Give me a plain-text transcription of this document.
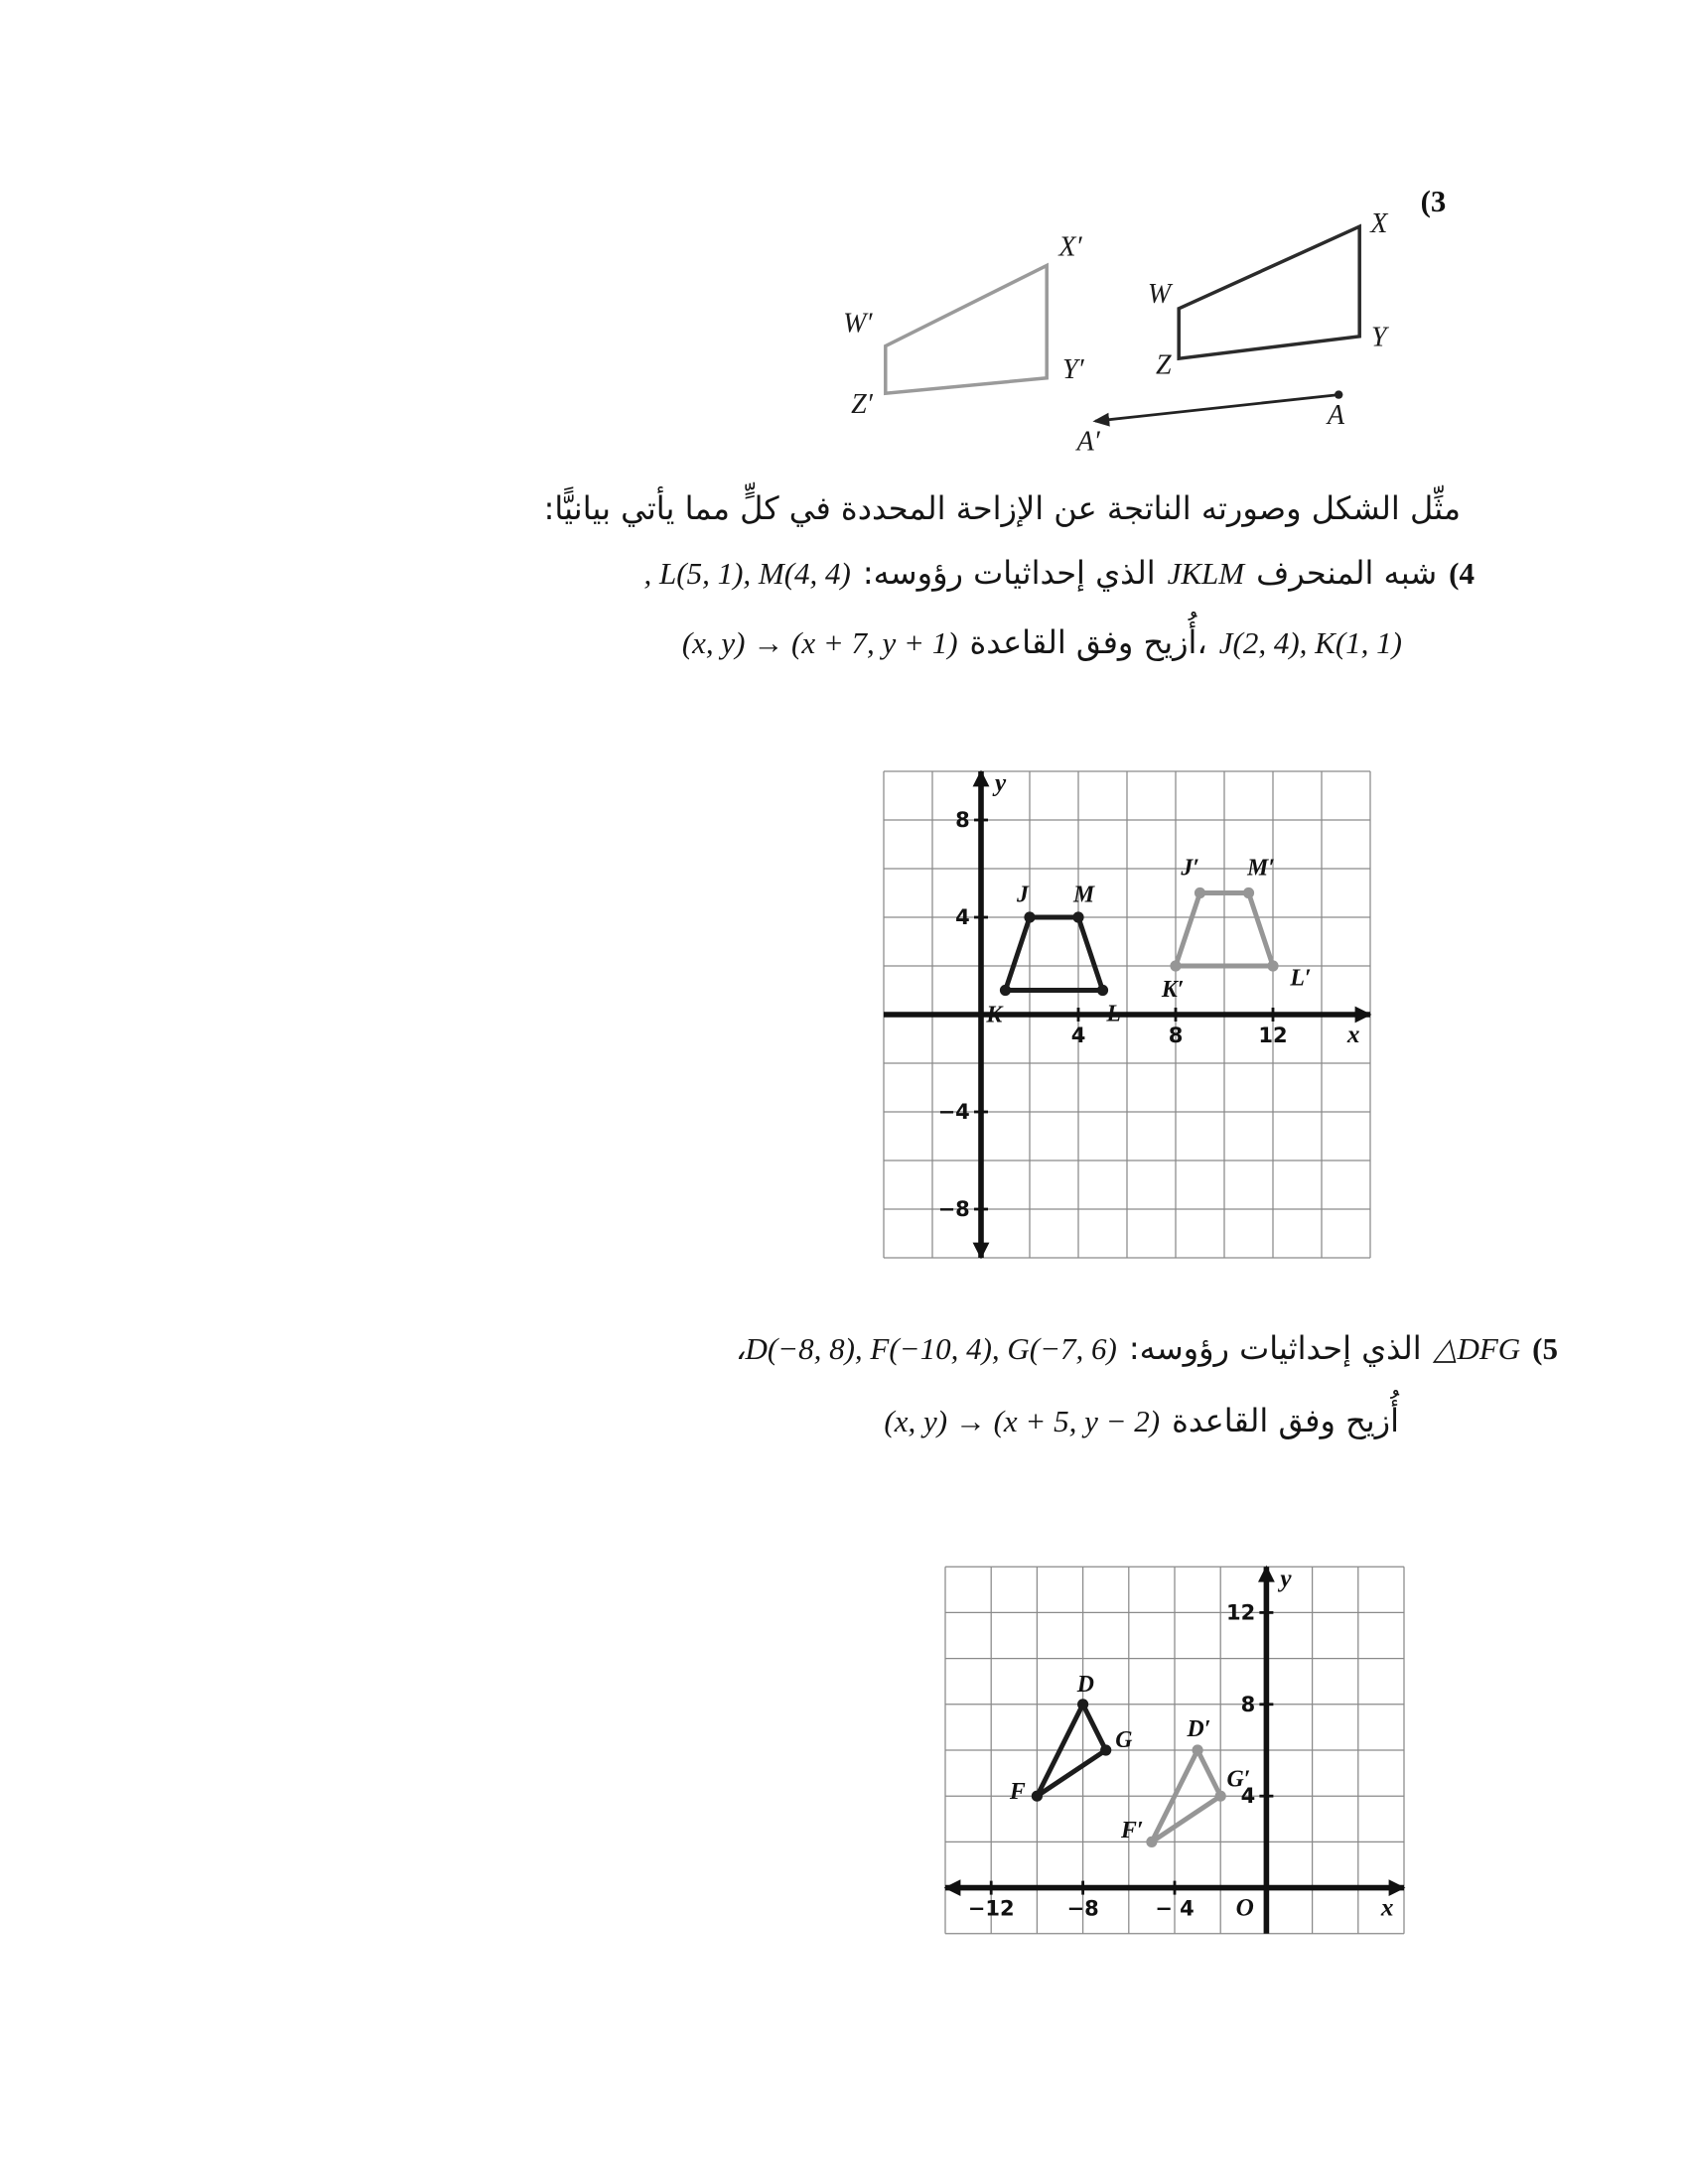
W′
X′
Y′
Z′
W
X
Y
Z
A
A′
(3
مثِّل الشكل وصورته الناتجة عن الإزاحة المحددة في كلٍّ مما يأتي بيانيًّا:
(4
شبه المنحرف
JKLM
الذي إحداثيات رؤوسه:
, L(5, 1), M(4, 4)
J(2, 4), K(1, 1)
،أُزيح وفق القاعدة
(x, y) → (x + 7, y + 1)
4	8	12
8
4
−4
−8
x
y
J	M
L
K
J′	M′
L′
K′
(5
△DFG
الذي إحداثيات رؤوسه:
،D(−8, 8), F(−10, 4), G(−7, 6)
أُزيح وفق القاعدة
(x, y) → (x + 5, y − 2)
−12	−8	− 4
12
8
4
x
y
O
D
G
F
D′
G′
F′
